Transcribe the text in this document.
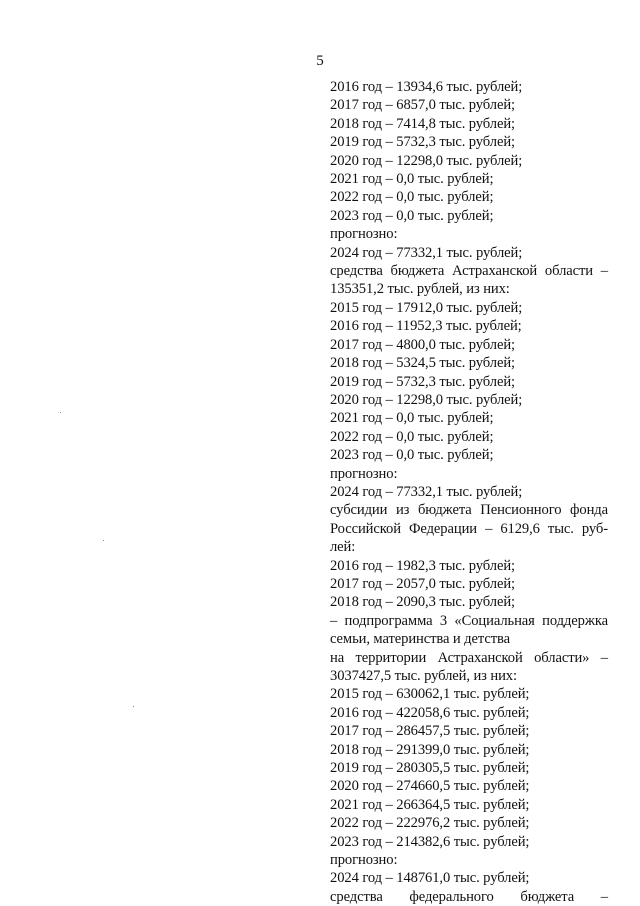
5
2016 год – 13934,6 тыс. рублей;
2017 год – 6857,0 тыс. рублей;
2018 год – 7414,8 тыс. рублей;
2019 год – 5732,3 тыс. рублей;
2020 год – 12298,0 тыс. рублей;
2021 год – 0,0 тыс. рублей;
2022 год – 0,0 тыс. рублей;
2023 год – 0,0 тыс. рублей;
прогнозно:
2024 год – 77332,1 тыс. рублей;
средства бюджета Астраханской области –
135351,2 тыс. рублей, из них:
2015 год – 17912,0 тыс. рублей;
2016 год – 11952,3 тыс. рублей;
2017 год – 4800,0 тыс. рублей;
2018 год – 5324,5 тыс. рублей;
2019 год – 5732,3 тыс. рублей;
2020 год – 12298,0 тыс. рублей;
2021 год – 0,0 тыс. рублей;
2022 год – 0,0 тыс. рублей;
2023 год – 0,0 тыс. рублей;
прогнозно:
2024 год – 77332,1 тыс. рублей;
субсидии из бюджета Пенсионного фонда
Российской Федерации – 6129,6 тыс. руб-
лей:
2016 год – 1982,3 тыс. рублей;
2017 год – 2057,0 тыс. рублей;
2018 год – 2090,3 тыс. рублей;
– подпрограмма 3 «Социальная поддержка
семьи, материнства и детства
на территории Астраханской области» –
3037427,5 тыс. рублей, из них:
2015 год – 630062,1 тыс. рублей;
2016 год – 422058,6 тыс. рублей;
2017 год – 286457,5 тыс. рублей;
2018 год – 291399,0 тыс. рублей;
2019 год – 280305,5 тыс. рублей;
2020 год – 274660,5 тыс. рублей;
2021 год – 266364,5 тыс. рублей;
2022 год – 222976,2 тыс. рублей;
2023 год – 214382,6 тыс. рублей;
прогнозно:
2024 год – 148761,0 тыс. рублей;
средства федерального бюджета –
